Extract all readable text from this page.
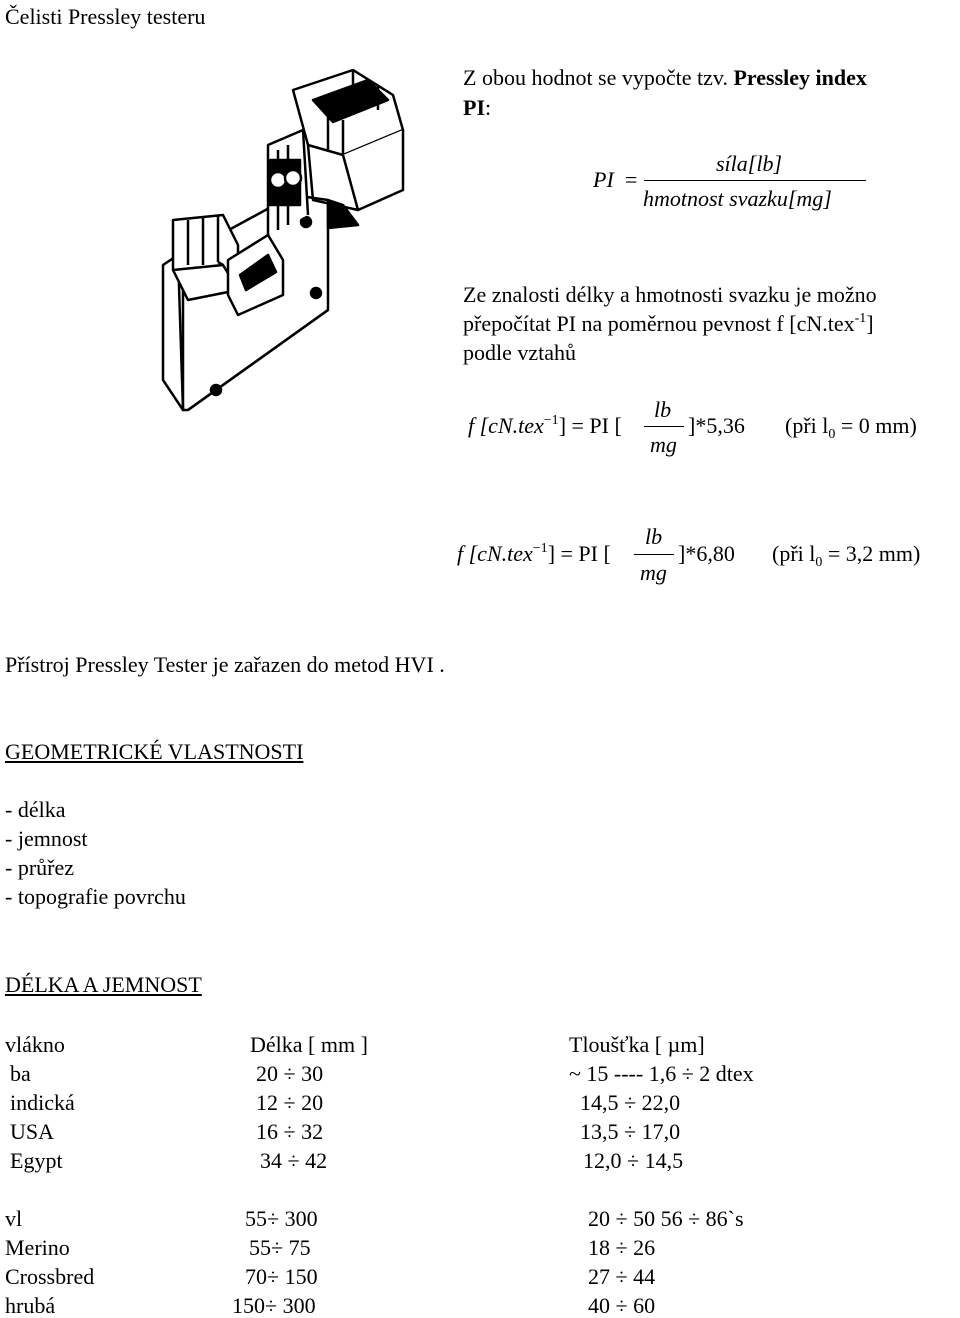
Čelisti Pressley testeru
Z obou hodnot se vypočte tzv. Pressley index
PI:
PI =
síla[lb]
hmotnost svazku[mg]
Ze znalosti délky a hmotnosti svazku je možno
přepočítat PI na poměrnou pevnost f [cN.tex$^{-1}$]
podle vztahů
f [cN.tex$^{-1}$] = PI [
lb
mg
]*5,36 (při $l_0 = 0$ mm)
f [cN.tex$^{-1}$] = PI [
lb
mg
]*6,80 (při $l_0 = 3,2$ mm)
Přístroj Pressley Tester je zařazen do metod HVI .
GEOMETRICKÉ VLASTNOSTI
- délka
- jemnost
- průřez
- topografie povrchu
DÉLKA A JEMNOST
vlákno	Délka [ mm ]	Tloušťka [ µm]
ba	20 ÷ 30	~ 15 ---- 1,6 ÷ 2 dtex
indická	12 ÷ 20	14,5 ÷ 22,0
USA	16 ÷ 32	13,5 ÷ 17,0
Egypt	34 ÷ 42	12,0 ÷ 14,5
vl	55÷ 300	20 ÷ 50 56 ÷ 86`s
Merino	55÷ 75	18 ÷ 26
Crossbred	70÷ 150	27 ÷ 44
hrubá	150÷ 300	40 ÷ 60
